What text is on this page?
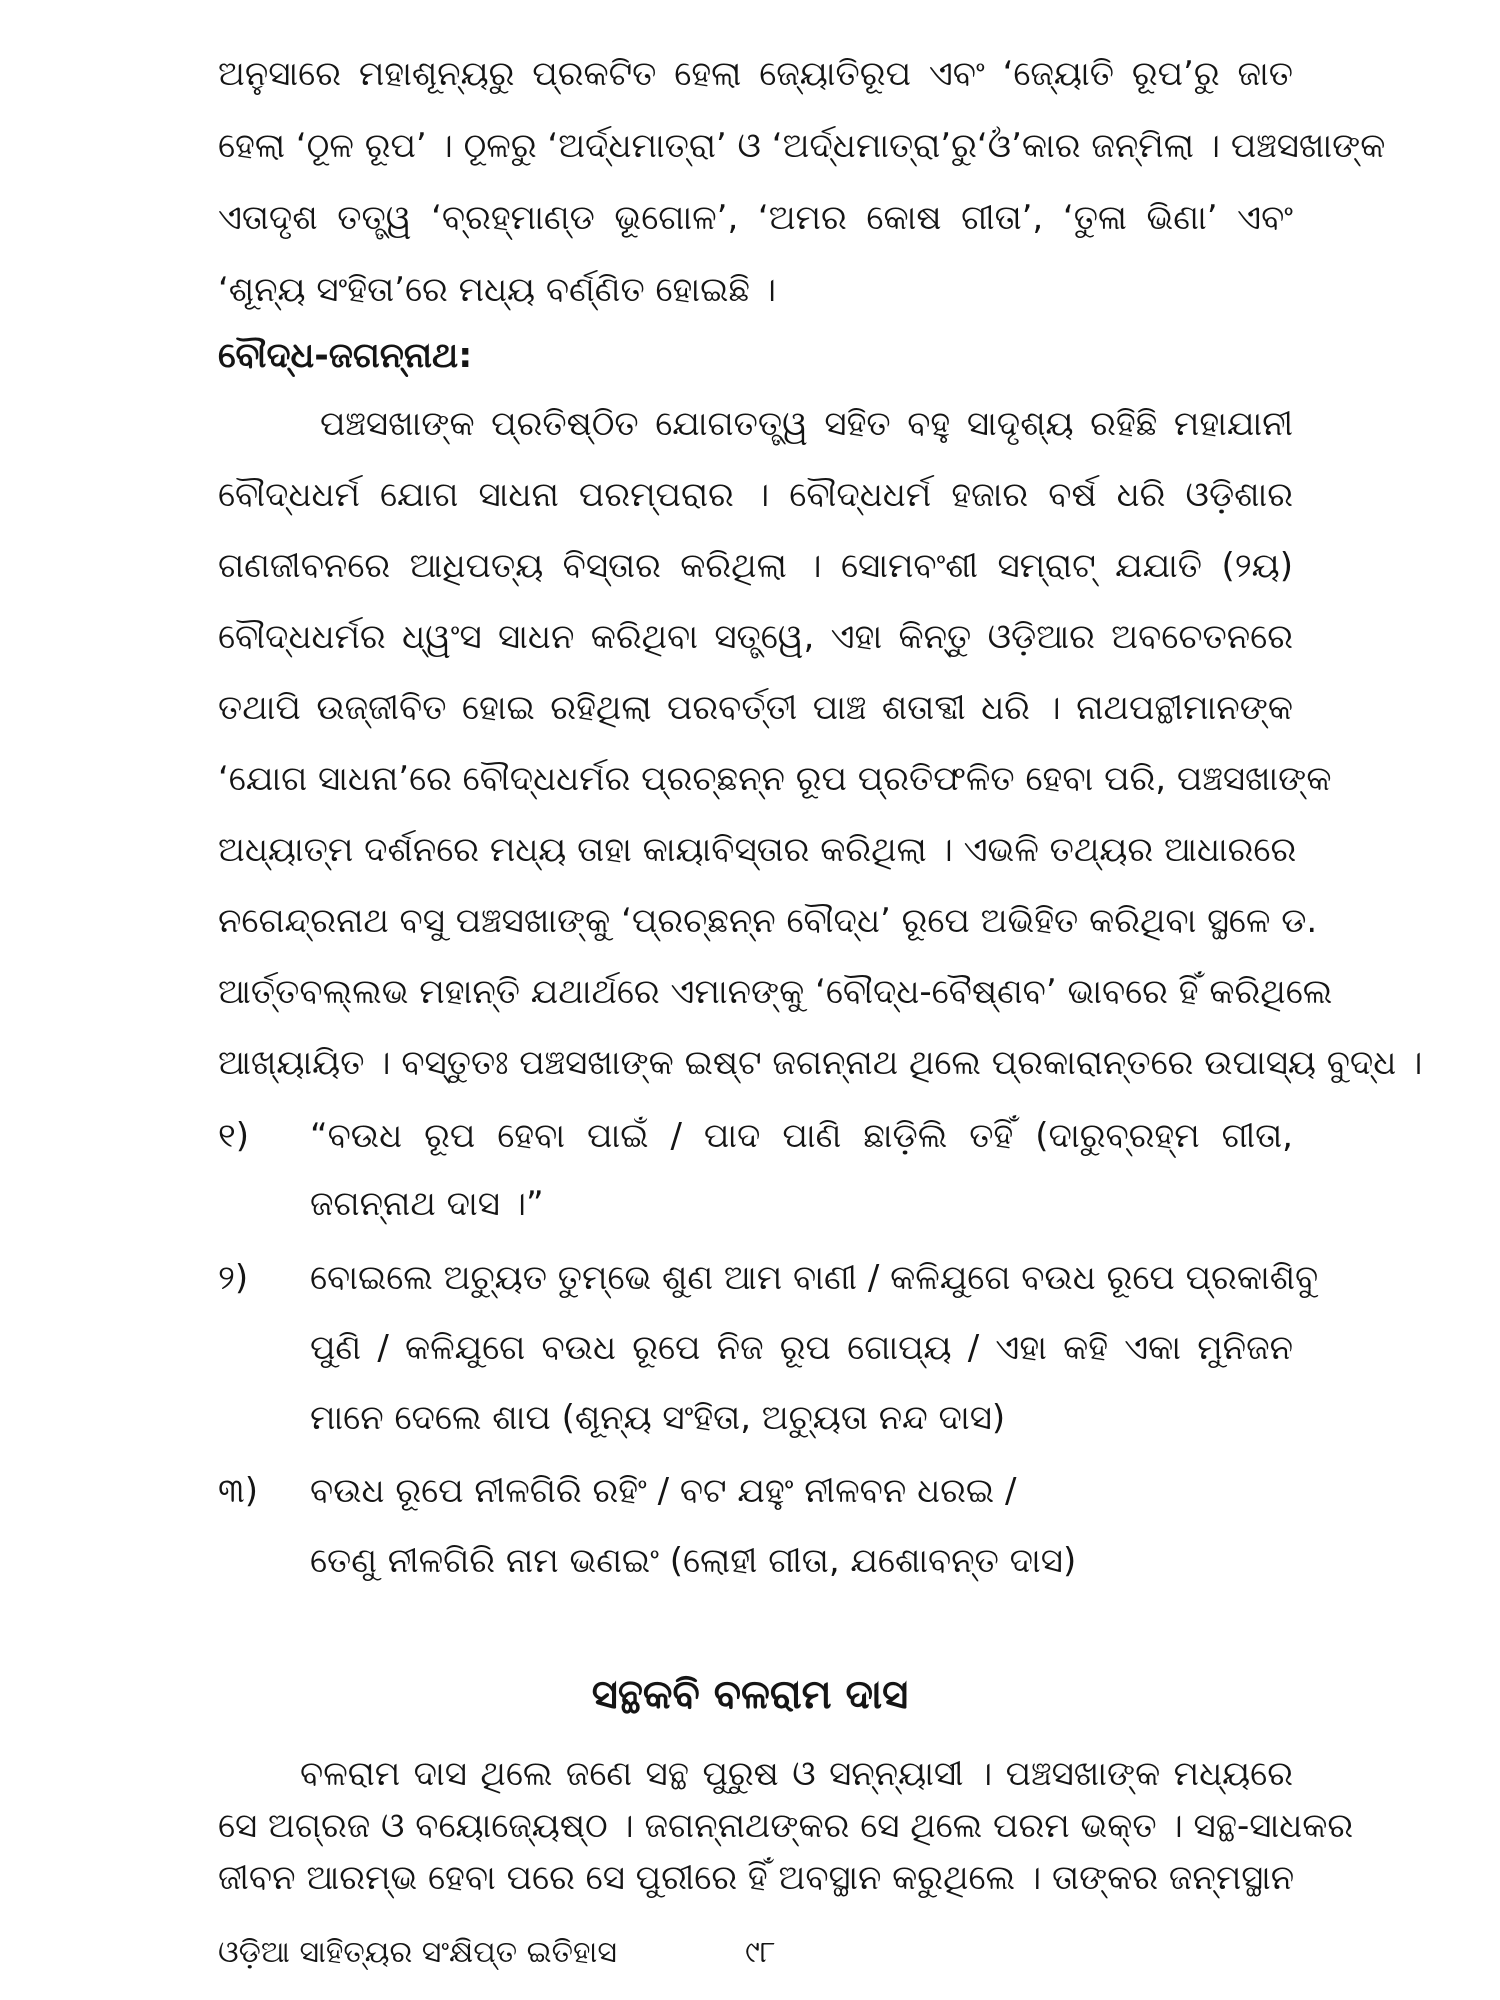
ଅନୁସାରେ ମହାଶୂନ୍ୟରୁ ପ୍ରକଟିତ ହେଲା ଜ୍ୟୋତିରୂପ ଏବଂ ‘ଜ୍ୟୋତି ରୂପ’ରୁ ଜାତ
ହେଲା ‘ଠୂଳ ରୂପ’ । ଠୂଳରୁ ‘ଅର୍ଦ୍ଧମାତ୍ରା’ ଓ ‘ଅର୍ଦ୍ଧମାତ୍ରା’ରୁ‘ଓଁ’କାର ଜନ୍ମିଲା । ପଞ୍ଚସଖାଙ୍କ
ଏତାଦୃଶ ତତ୍ତ୍ୱ ‘ବ୍ରହ୍ମାଣ୍ଡ ଭୂଗୋଳ’, ‘ଅମର କୋଷ ଗୀତା’, ‘ତୁଳା ଭିଣା’ ଏବଂ
‘ଶୂନ୍ୟ ସଂହିତା’ରେ ମଧ୍ୟ ବର୍ଣ୍ଣିତ ହୋଇଛି ।
ବୌଦ୍ଧ-ଜଗନ୍ନାଥ:
ପଞ୍ଚସଖାଙ୍କ ପ୍ରତିଷ୍ଠିତ ଯୋଗତତ୍ତ୍ୱ ସହିତ ବହୁ ସାଦୃଶ୍ୟ ରହିଛି ମହାଯାନୀ
ବୌଦ୍ଧଧର୍ମ ଯୋଗ ସାଧନା ପରମ୍ପରାର । ବୌଦ୍ଧଧର୍ମ ହଜାର ବର୍ଷ ଧରି ଓଡ଼ିଶାର
ଗଣଜୀବନରେ ଆଧିପତ୍ୟ ବିସ୍ତାର କରିଥିଲା । ସୋମବଂଶୀ ସମ୍ରାଟ୍ ଯଯାତି (୨ୟ)
ବୌଦ୍ଧଧର୍ମର ଧ୍ୱଂସ ସାଧନ କରିଥିବା ସତ୍ତ୍ୱେ, ଏହା କିନ୍ତୁ ଓଡ଼ିଆର ଅବଚେତନରେ
ତଥାପି ଉଜ୍ଜୀବିତ ହୋଇ ରହିଥିଲା ପରବର୍ତ୍ତୀ ପାଞ୍ଚ ଶତାବ୍ଦୀ ଧରି । ନାଥପନ୍ଥୀମାନଙ୍କ
‘ଯୋଗ ସାଧନା’ରେ ବୌଦ୍ଧଧର୍ମର ପ୍ରଚ୍ଛନ୍ନ ରୂପ ପ୍ରତିଫଳିତ ହେବା ପରି, ପଞ୍ଚସଖାଙ୍କ
ଅଧ୍ୟାତ୍ମ ଦର୍ଶନରେ ମଧ୍ୟ ତାହା କାୟାବିସ୍ତାର କରିଥିଲା । ଏଭଳି ତଥ୍ୟର ଆଧାରରେ
ନଗେନ୍ଦ୍ରନାଥ ବସୁ ପଞ୍ଚସଖାଙ୍କୁ ‘ପ୍ରଚ୍ଛନ୍ନ ବୌଦ୍ଧ’ ରୂପେ ଅଭିହିତ କରିଥିବା ସ୍ଥଳେ ଡ.
ଆର୍ତ୍ତବଲ୍ଲଭ ମହାନ୍ତି ଯଥାର୍ଥରେ ଏମାନଙ୍କୁ ‘ବୌଦ୍ଧ-ବୈଷ୍ଣବ’ ଭାବରେ ହିଁ କରିଥିଲେ
ଆଖ୍ୟାୟିତ । ବସ୍ତୁତଃ ପଞ୍ଚସଖାଙ୍କ ଇଷ୍ଟ ଜଗନ୍ନାଥ ଥିଲେ ପ୍ରକାରାନ୍ତରେ ଉପାସ୍ୟ ବୁଦ୍ଧ ।
୧) “ବଉଧ ରୂପ ହେବା ପାଇଁ / ପାଦ ପାଣି ଛାଡ଼ିଲି ତହିଁ (ଦାରୁବ୍ରହ୍ମ ଗୀତା,
ଜଗନ୍ନାଥ ଦାସ ।”
୨) ବୋଇଲେ ଅଚ୍ୟୁତ ତୁମ୍ଭେ ଶୁଣ ଆମ ବାଣୀ / କଳିଯୁଗେ ବଉଧ ରୂପେ ପ୍ରକାଶିବୁ
ପୁଣି / କଳିଯୁଗେ ବଉଧ ରୂପେ ନିଜ ରୂପ ଗୋପ୍ୟ / ଏହା କହି ଏକା ମୁନିଜନ
ମାନେ ଦେଲେ ଶାପ (ଶୂନ୍ୟ ସଂହିତା, ଅଚ୍ୟୁତା ନନ୍ଦ ଦାସ)
୩) ବଉଧ ରୂପେ ନୀଳଗିରି ରହିଂ / ବଟ ଯହୁଂ ନୀଳବନ ଧରଇ /
ତେଣୁ ନୀଳଗିରି ନାମ ଭଣଇଂ (ଲୋହୀ ଗୀତା, ଯଶୋବନ୍ତ ଦାସ)
ସନ୍ଥକବି ବଳରାମ ଦାସ
ବଳରାମ ଦାସ ଥିଲେ ଜଣେ ସନ୍ଥ ପୁରୁଷ ଓ ସନ୍ନ୍ୟାସୀ । ପଞ୍ଚସଖାଙ୍କ ମଧ୍ୟରେ
ସେ ଅଗ୍ରଜ ଓ ବୟୋଜ୍ୟେଷ୍ଠ । ଜଗନ୍ନାଥଙ୍କର ସେ ଥିଲେ ପରମ ଭକ୍ତ । ସନ୍ଥ-ସାଧକର
ଓଡ଼ିଆ ସାହିତ୍ୟର ସଂକ୍ଷିପ୍ତ ଇତିହାସ	୯୮
ଜୀବନ ଆରମ୍ଭ ହେବା ପରେ ସେ ପୁରୀରେ ହିଁ ଅବସ୍ଥାନ କରୁଥିଲେ । ତାଙ୍କର ଜନ୍ମସ୍ଥାନ
